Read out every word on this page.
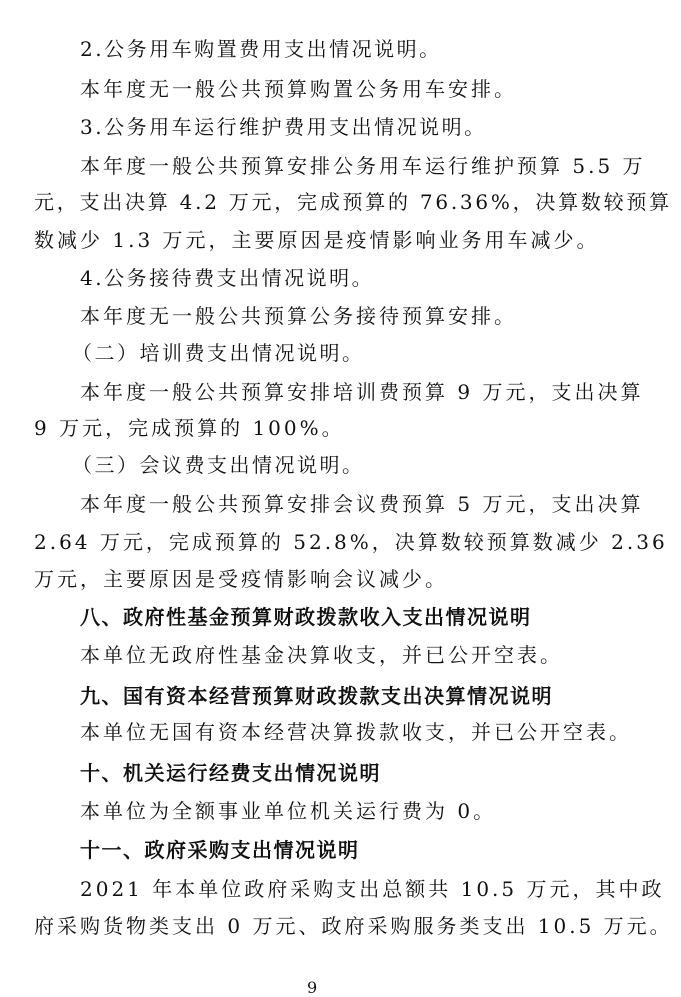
2.公务用车购置费用支出情况说明。
本年度无一般公共预算购置公务用车安排。
3.公务用车运行维护费用支出情况说明。
本年度一般公共预算安排公务用车运行维护预算 5.5 万
元，支出决算 4.2 万元，完成预算的 76.36%，决算数较预算
数减少 1.3 万元，主要原因是疫情影响业务用车减少。
4.公务接待费支出情况说明。
本年度无一般公共预算公务接待预算安排。
（二）培训费支出情况说明。
本年度一般公共预算安排培训费预算 9 万元，支出决算
9 万元，完成预算的 100%。
（三）会议费支出情况说明。
本年度一般公共预算安排会议费预算 5 万元，支出决算
2.64 万元，完成预算的 52.8%，决算数较预算数减少 2.36
万元，主要原因是受疫情影响会议减少。
八、政府性基金预算财政拨款收入支出情况说明
本单位无政府性基金决算收支，并已公开空表。
九、国有资本经营预算财政拨款支出决算情况说明
本单位无国有资本经营决算拨款收支，并已公开空表。
十、机关运行经费支出情况说明
本单位为全额事业单位机关运行费为 0。
十一、政府采购支出情况说明
2021 年本单位政府采购支出总额共 10.5 万元，其中政
府采购货物类支出 0 万元、政府采购服务类支出 10.5 万元。
9
